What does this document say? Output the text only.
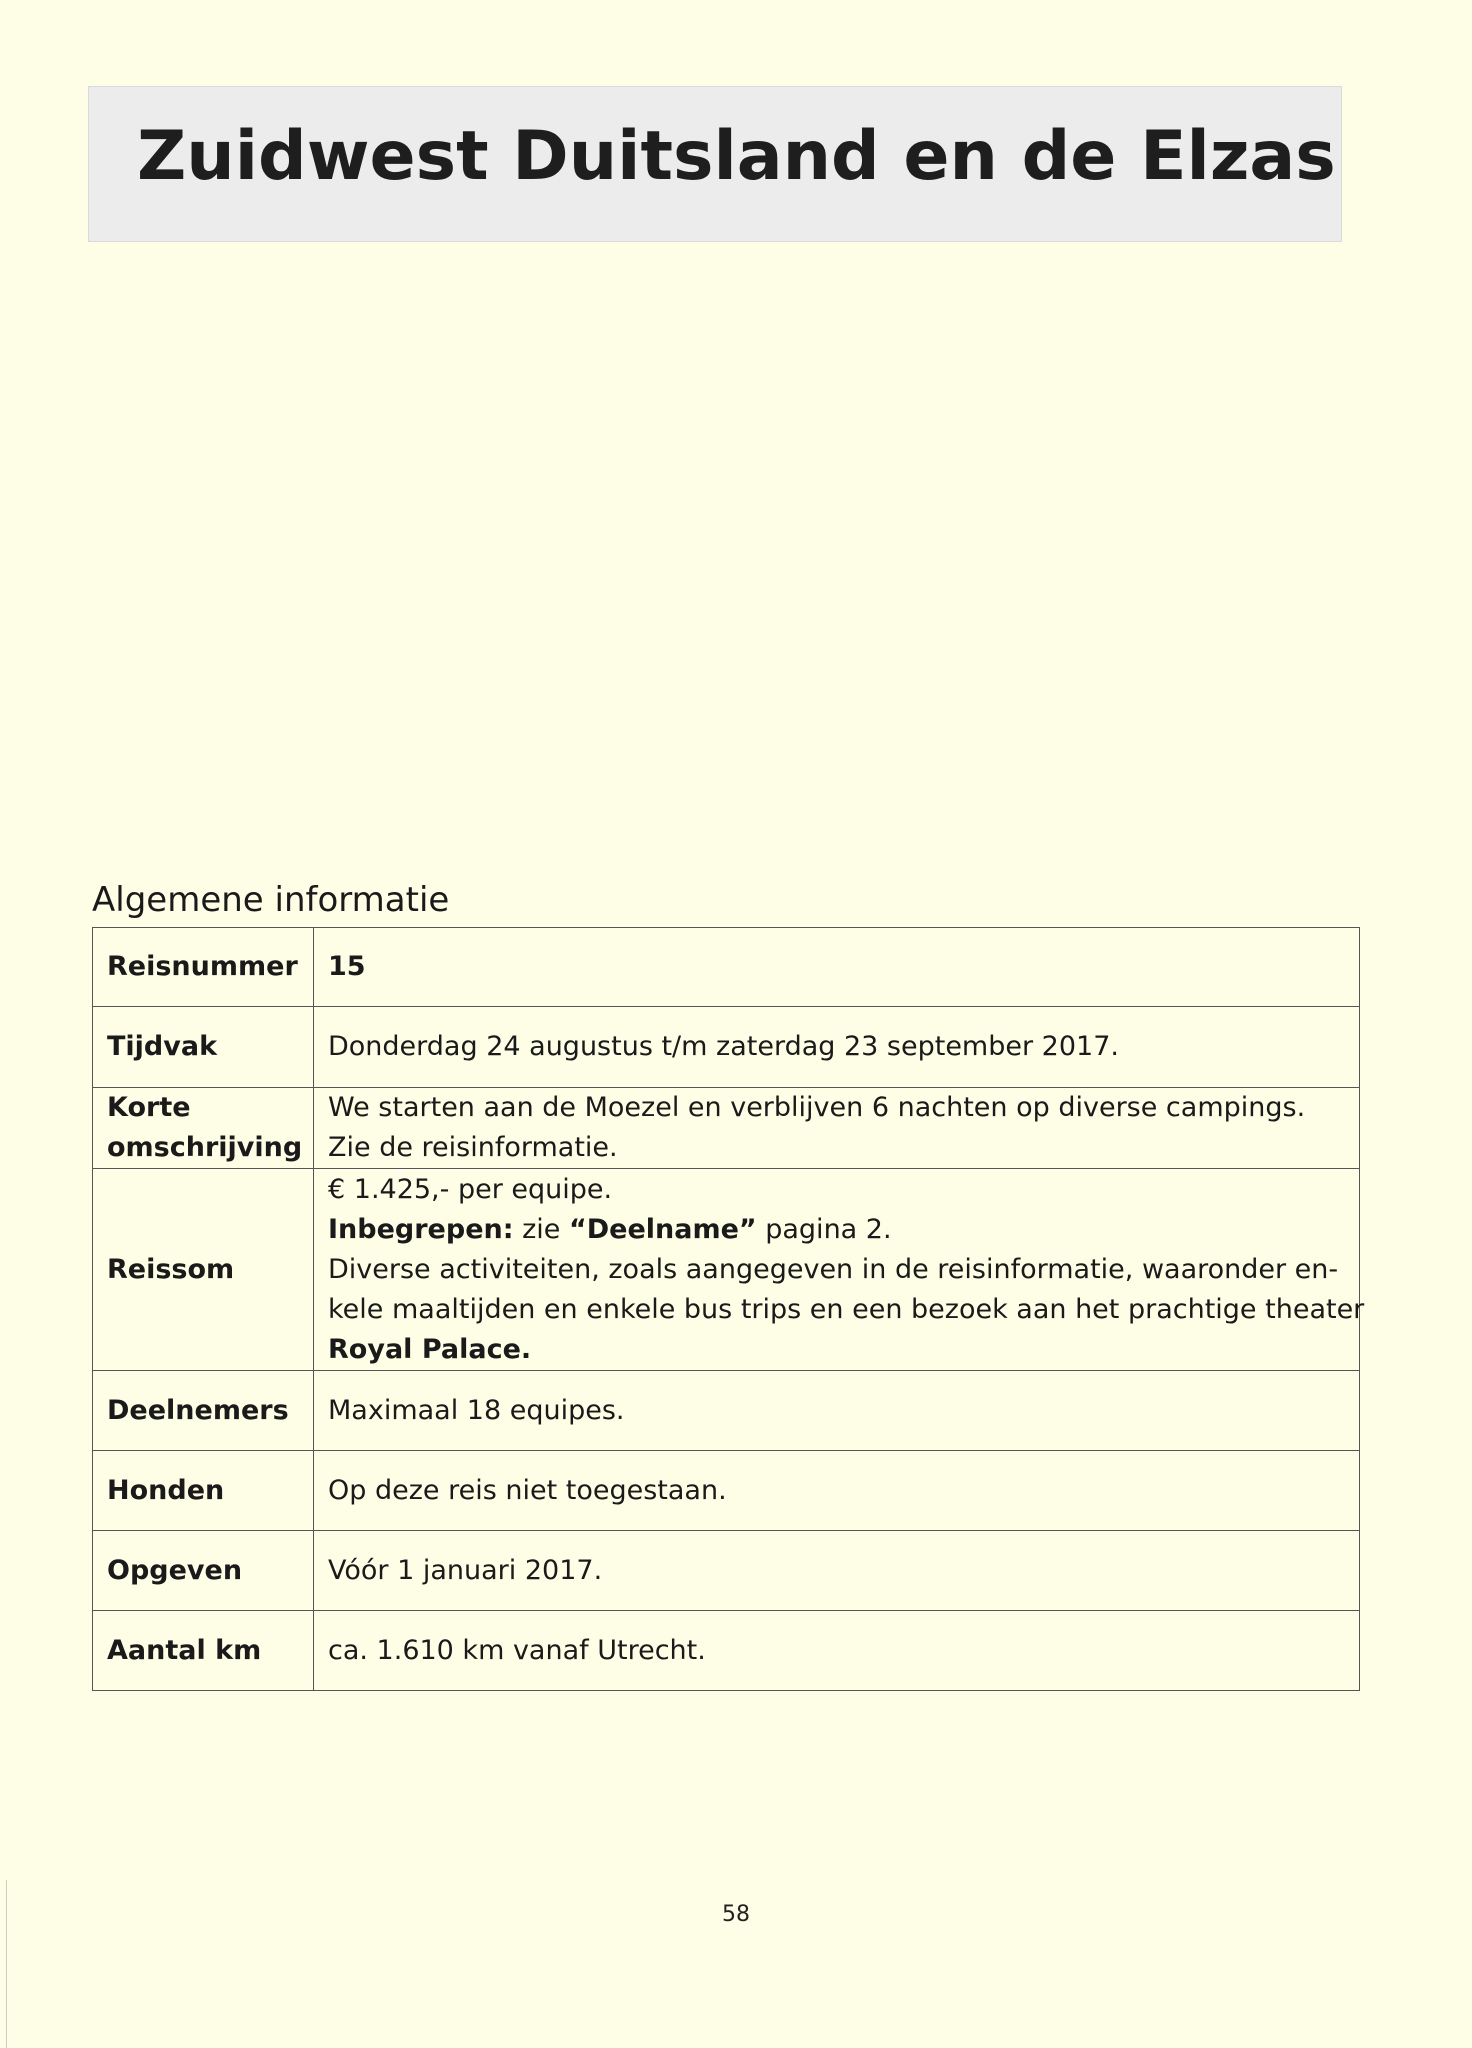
Zuidwest Duitsland en de Elzas
Algemene informatie
Reisnummer	15
Tijdvak	Donderdag 24 augustus t/m zaterdag 23 september 2017.

Korte
omschrijving	We starten aan de Moezel en verblijven 6 nachten op diverse campings.
Zie de reisinformatie.

Reissom	€ 1.425,- per equipe.
Inbegrepen: zie “Deelname” pagina 2.
Diverse activiteiten, zoals aangegeven in de reisinformatie, waaronder en-
kele maaltijden en enkele bus trips en een bezoek aan het prachtige theater
Royal Palace.

Deelnemers	Maximaal 18 equipes.
Honden	Op deze reis niet toegestaan.
Opgeven	Vóór 1 januari 2017.
Aantal km	ca. 1.610 km vanaf Utrecht.
58
